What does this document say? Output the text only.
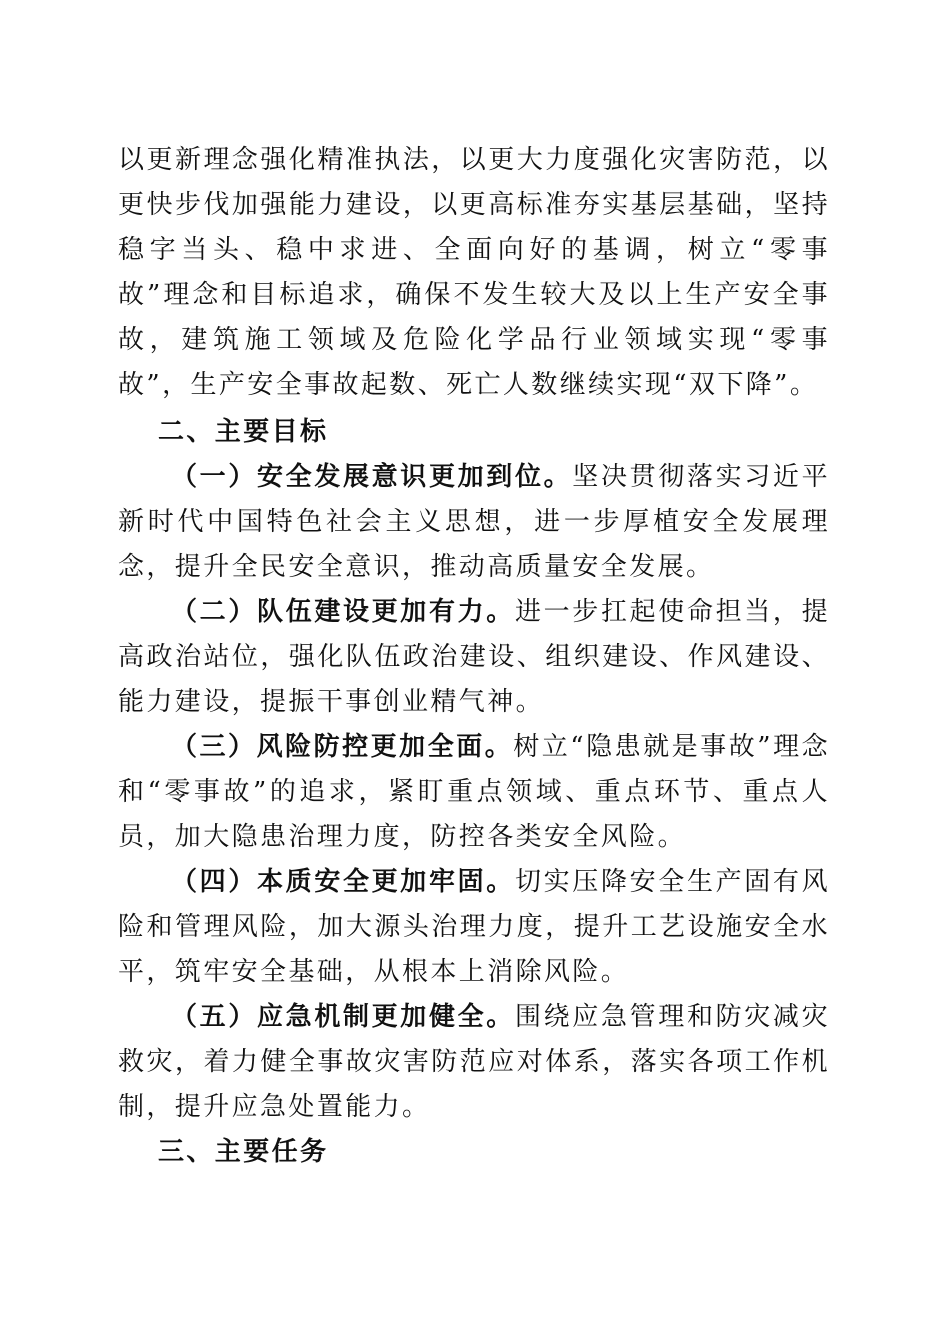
以更新理念强化精准执法，以更大力度强化灾害防范，以更快步伐加强能力建设，以更高标准夯实基层基础，坚持稳字当头、稳中求进、全面向好的基调，树立“零事故”理念和目标追求，确保不发生较大及以上生产安全事故，建筑施工领域及危险化学品行业领域实现“零事故”，生产安全事故起数、死亡人数继续实现“双下降”。

二、主要目标

（一）安全发展意识更加到位。坚决贯彻落实习近平新时代中国特色社会主义思想，进一步厚植安全发展理念，提升全民安全意识，推动高质量安全发展。

（二）队伍建设更加有力。进一步扛起使命担当，提高政治站位，强化队伍政治建设、组织建设、作风建设、能力建设，提振干事创业精气神。

（三）风险防控更加全面。树立“隐患就是事故”理念和“零事故”的追求，紧盯重点领域、重点环节、重点人员，加大隐患治理力度，防控各类安全风险。

（四）本质安全更加牢固。切实压降安全生产固有风险和管理风险，加大源头治理力度，提升工艺设施安全水平，筑牢安全基础，从根本上消除风险。

（五）应急机制更加健全。围绕应急管理和防灾减灾救灾，着力健全事故灾害防范应对体系，落实各项工作机制，提升应急处置能力。

三、主要任务
